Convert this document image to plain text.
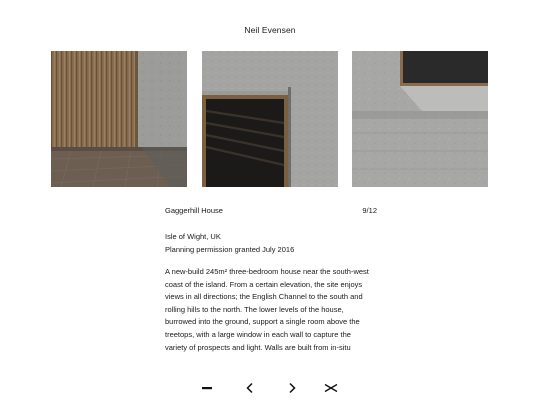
Neil Evensen
Gaggerhill House	9/12
Isle of Wight, UK
Planning permission granted July 2016

A new-build 245m² three-bedroom house near the south-west

coast of the island. From a certain elevation, the site enjoys

views in all directions; the English Channel to the south and

rolling hills to the north. The lower levels of the house,

burrowed into the ground, support a single room above the

treetops, with a large window in each wall to capture the

variety of prospects and light. Walls are built from in-situ
